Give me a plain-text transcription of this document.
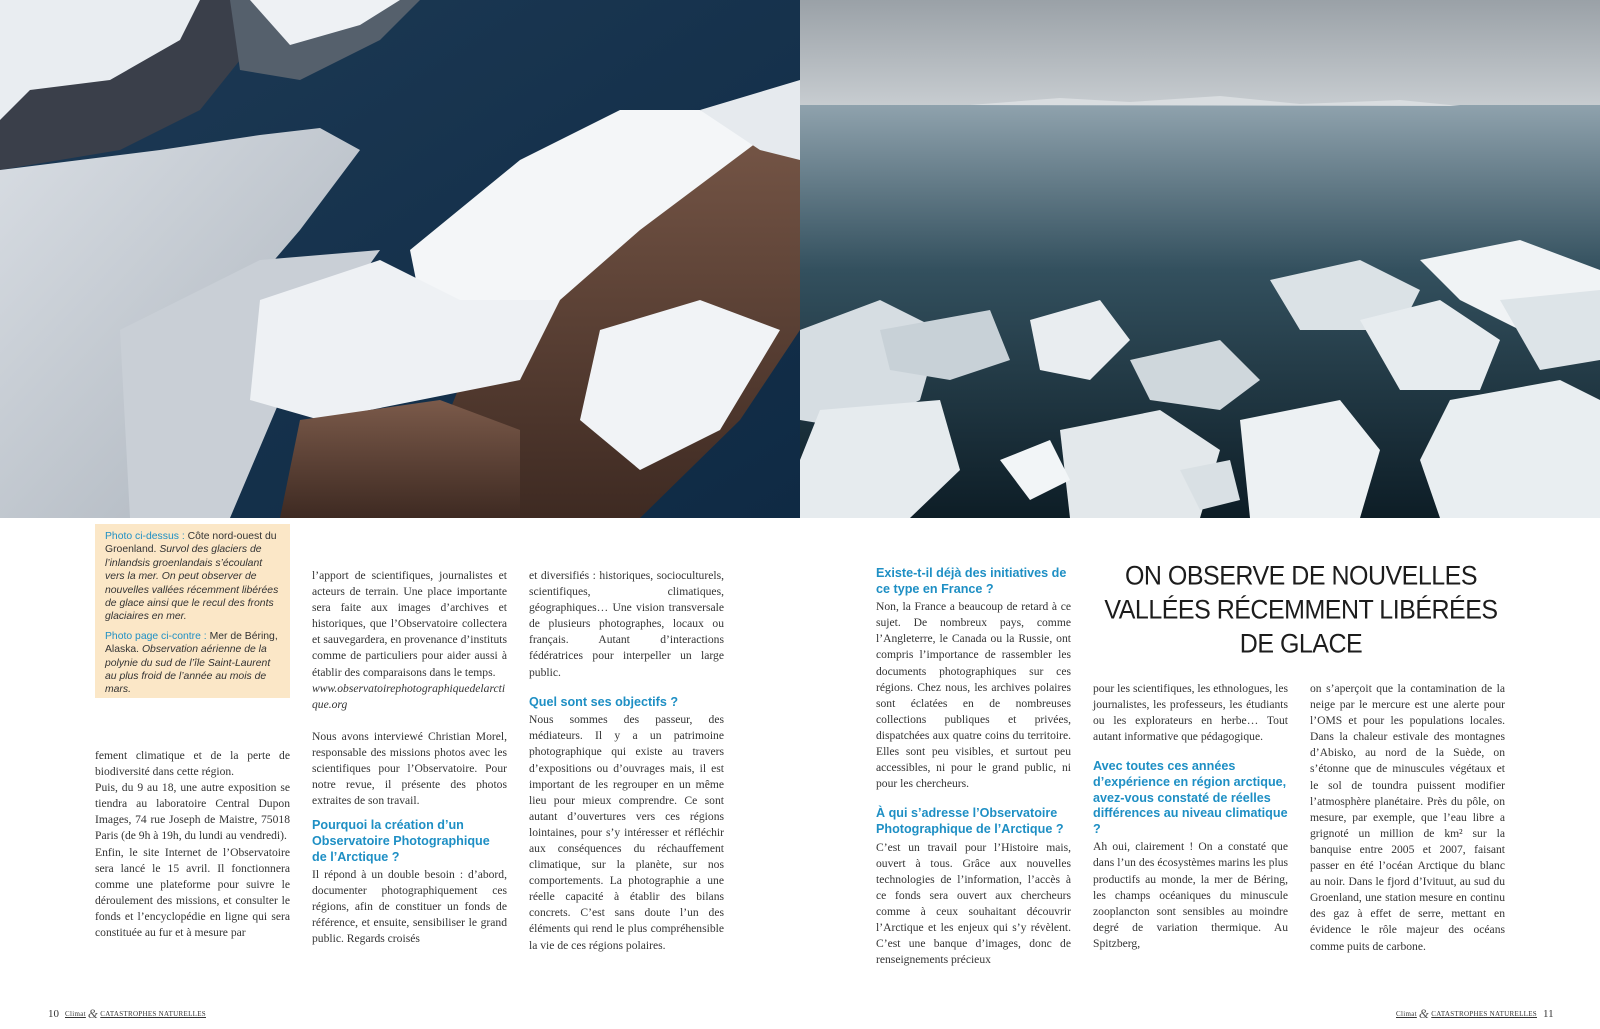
Photo ci-dessus : Côte nord-ouest du Groenland. Survol des glaciers de l’inlandsis groenlandais s’écoulant vers la mer. On peut observer de nouvelles vallées récemment libérées de glace ainsi que le recul des fronts glaciaires en mer.

Photo page ci-contre : Mer de Béring, Alaska. Observation aérienne de la polynie du sud de l’île Saint-Laurent au plus froid de l’année au mois de mars.

fement climatique et de la perte de biodiversité dans cette région.

Puis, du 9 au 18, une autre exposition se tiendra au laboratoire Central Dupon Images, 74 rue Joseph de Maistre, 75018 Paris (de 9h à 19h, du lundi au vendredi).

Enfin, le site Internet de l’Observatoire sera lancé le 15 avril. Il fonctionnera comme une plateforme pour suivre le déroulement des missions, et consulter le fonds et l’encyclopédie en ligne qui sera constituée au fur et à mesure par

l’apport de scientifiques, journalistes et acteurs de terrain. Une place importante sera faite aux images d’archives et historiques, que l’Observatoire collectera et sauvegardera, en provenance d’instituts comme de particuliers pour aider aussi à établir des comparaisons dans le temps.

www.observatoirephotographiquedelarctique.org

Nous avons interviewé Christian Morel, responsable des missions photos avec les scientifiques pour l’Observatoire. Pour notre revue, il présente des photos extraites de son travail.

Pourquoi la création d’un Observatoire Photographique de l’Arctique ?

Il répond à un double besoin : d’abord, documenter photographiquement ces régions, afin de constituer un fonds de référence, et ensuite, sensibiliser le grand public. Regards croisés

et diversifiés : historiques, socioculturels, scientifiques, climatiques, géographiques… Une vision transversale de plusieurs photographes, locaux ou français. Autant d’interactions fédératrices pour interpeller un large public.

Quel sont ses objectifs ?

Nous sommes des passeur, des médiateurs. Il y a un patrimoine photographique qui existe au travers d’expositions ou d’ouvrages mais, il est important de les regrouper en un même lieu pour mieux comprendre. Ce sont autant d’ouvertures vers ces régions lointaines, pour s’y intéresser et réfléchir aux conséquences du réchauffement climatique, sur la planète, sur nos comportements. La photographie a une réelle capacité à établir des bilans concrets. C’est sans doute l’un des éléments qui rend le plus compréhensible la vie de ces régions polaires.

Existe-t-il déjà des initiatives de ce type en France ?

Non, la France a beaucoup de retard à ce sujet. De nombreux pays, comme l’Angleterre, le Canada ou la Russie, ont compris l’importance de rassembler les documents photographiques sur ces régions. Chez nous, les archives polaires sont éclatées en de nombreuses collections publiques et privées, dispatchées aux quatre coins du territoire. Elles sont peu visibles, et surtout peu accessibles, ni pour le grand public, ni pour les chercheurs.

À qui s’adresse l’Observatoire Photographique de l’Arctique ?

C’est un travail pour l’Histoire mais, ouvert à tous. Grâce aux nouvelles technologies de l’information, l’accès à ce fonds sera ouvert aux chercheurs comme à ceux souhaitant découvrir l’Arctique et les enjeux qui s’y révèlent. C’est une banque d’images, donc de renseignements précieux

ON OBSERVE DE NOUVELLES VALLÉES RÉCEMMENT LIBÉRÉES DE GLACE

pour les scientifiques, les ethnologues, les journalistes, les professeurs, les étudiants ou les explorateurs en herbe… Tout autant informative que pédagogique.

Avec toutes ces années d’expérience en région arctique, avez-vous constaté de réelles différences au niveau climatique ?

Ah oui, clairement ! On a constaté que dans l’un des écosystèmes marins les plus productifs au monde, la mer de Béring, les champs océaniques du minuscule zooplancton sont sensibles au moindre degré de variation thermique. Au Spitzberg,

on s’aperçoit que la contamination de la neige par le mercure est une alerte pour l’OMS et pour les populations locales. Dans la chaleur estivale des montagnes d’Abisko, au nord de la Suède, on s’étonne que de minuscules végétaux et le sol de toundra puissent modifier l’atmosphère planétaire. Près du pôle, on mesure, par exemple, que l’eau libre a grignoté un million de km² sur la banquise entre 2005 et 2007, faisant passer en été l’océan Arctique du blanc au noir. Dans le fjord d’Ivituut, au sud du Groenland, une station mesure en continu des gaz à effet de serre, mettant en évidence le rôle majeur des océans comme puits de carbone.

10 Climat & CATASTROPHES NATURELLES	Climat & CATASTROPHES NATURELLES 11
